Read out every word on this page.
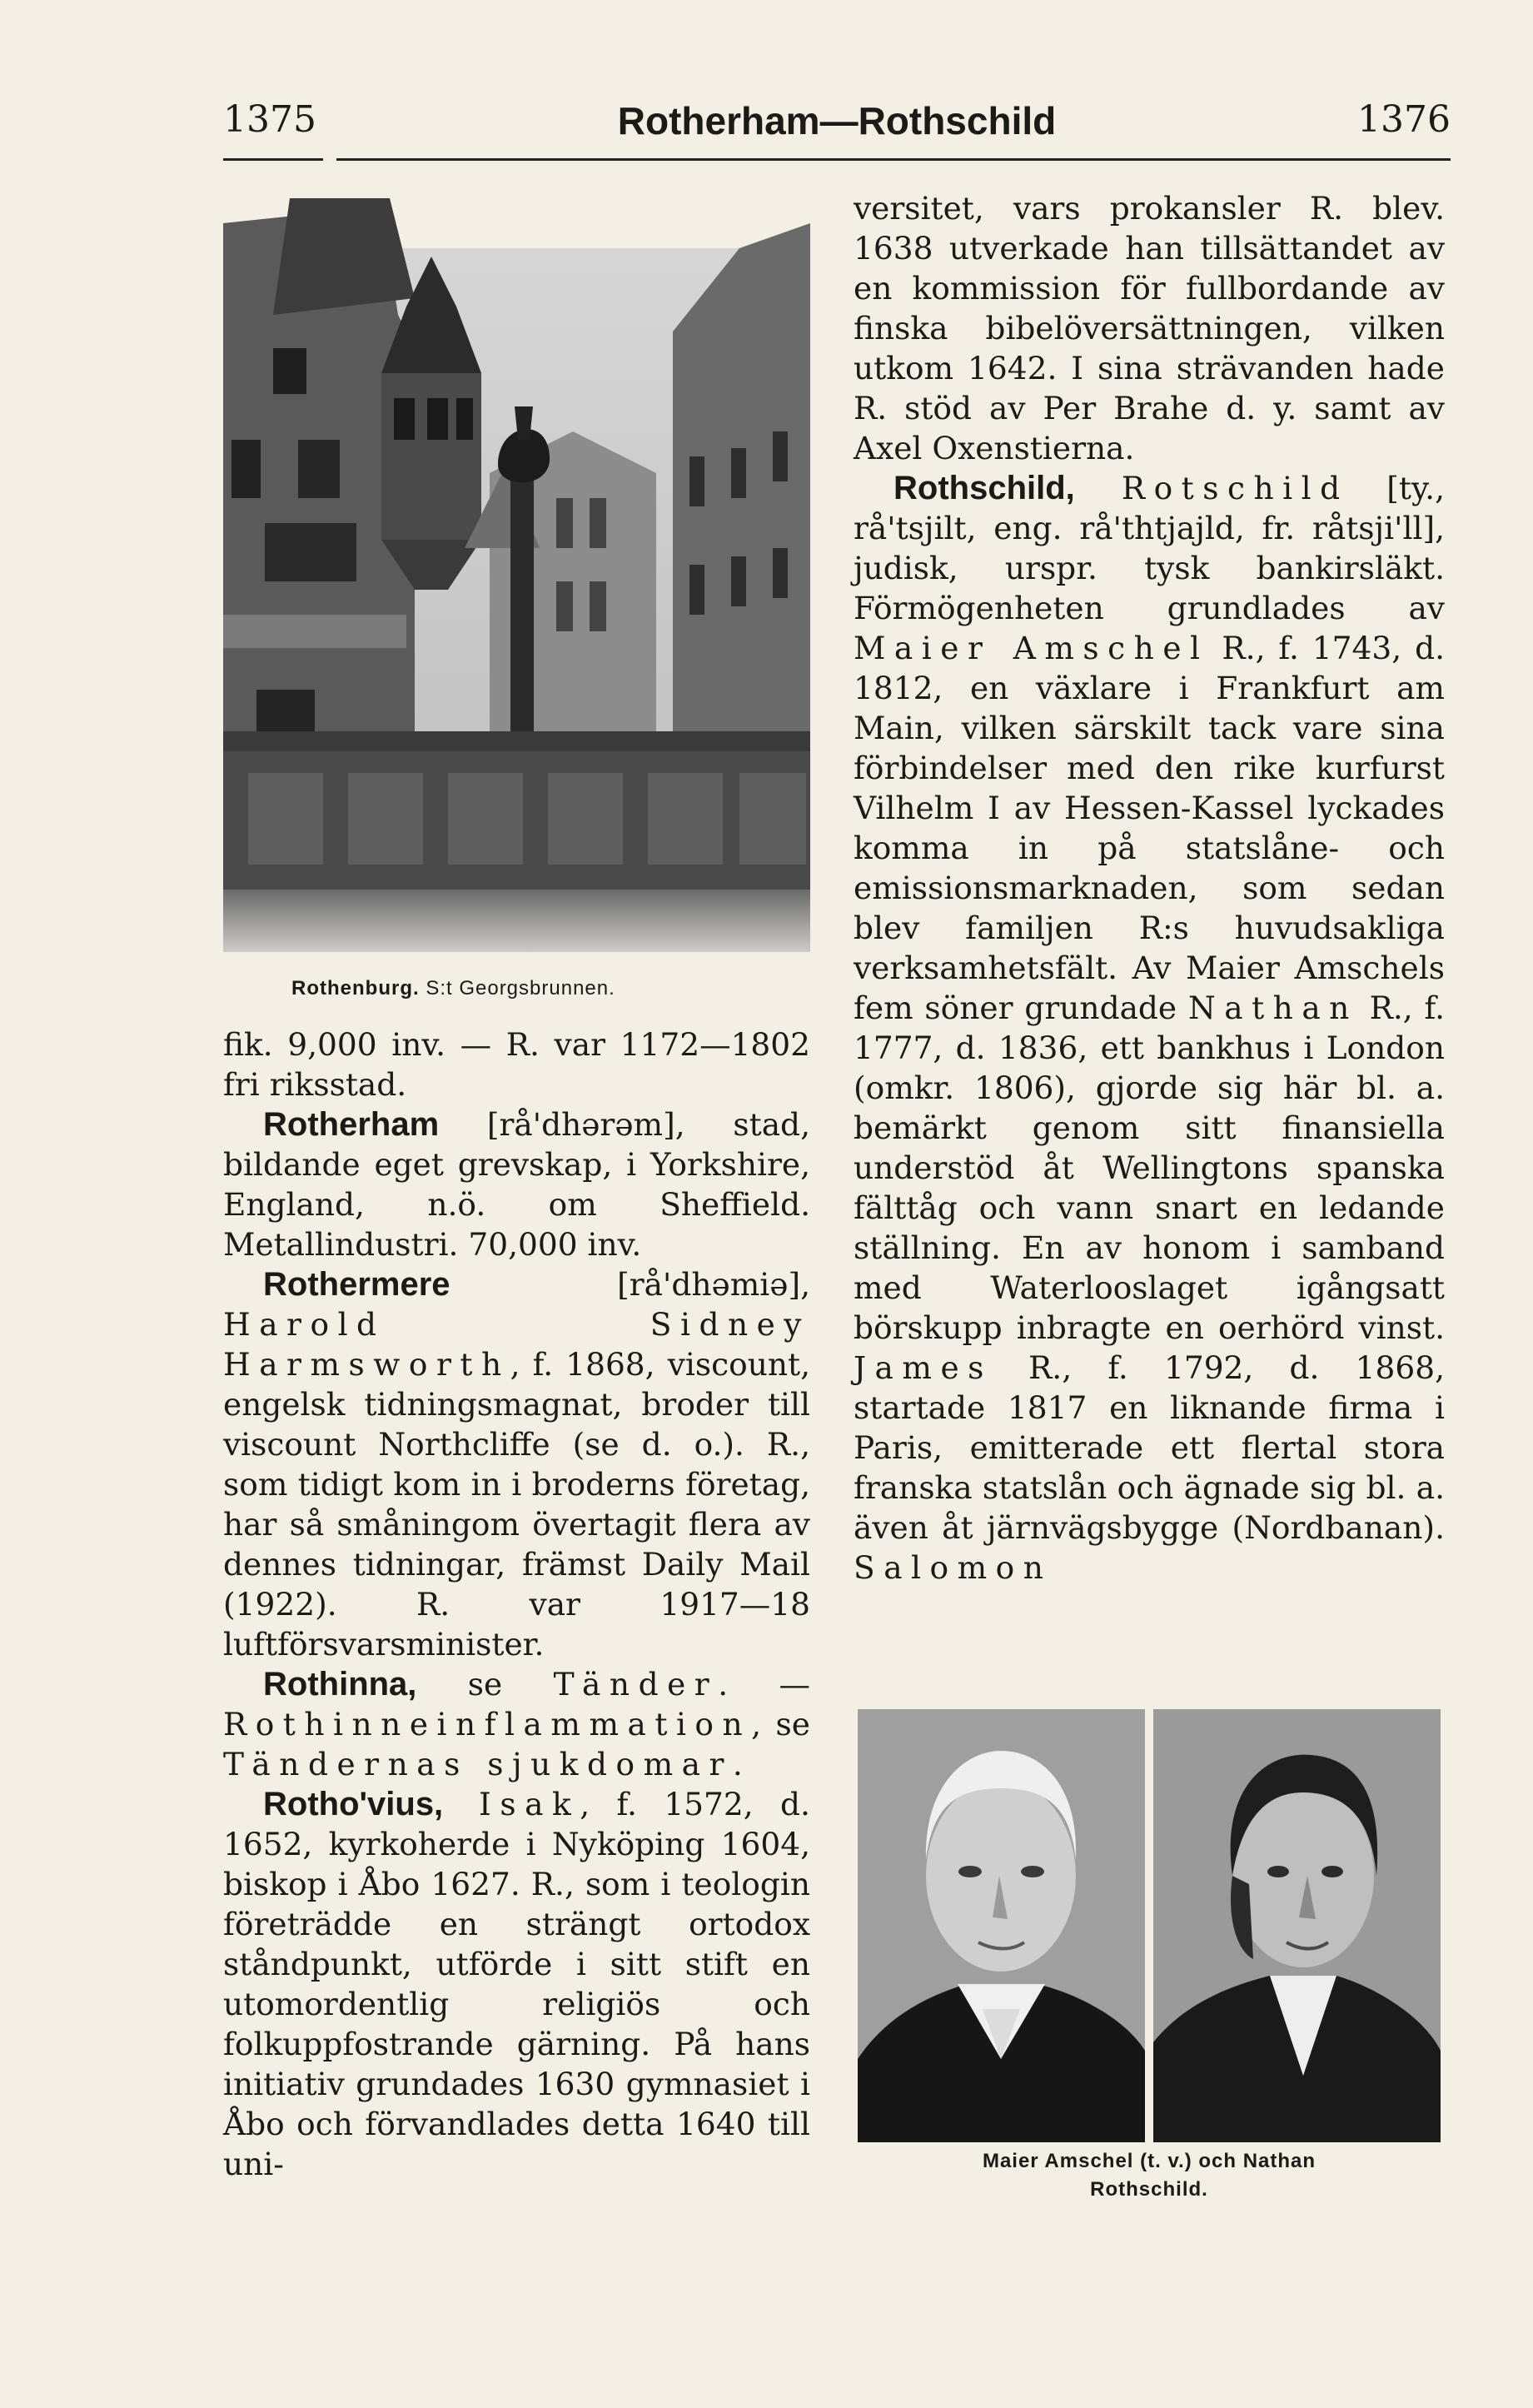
1375	Rotherham—Rothschild	1376
Rothenburg. S:t Georgsbrunnen.

fik. 9,000 inv. — R. var 1172—1802 fri riksstad.

Rotherham [rå'dhərəm], stad, bildande eget grevskap, i Yorkshire, England, n.ö. om Sheffield. Metallindustri. 70,000 inv.

Rothermere [rå'dhəmiə], Harold Sidney Harmsworth, f. 1868, viscount, engelsk tidningsmagnat, broder till viscount Northcliffe (se d. o.). R., som tidigt kom in i broderns företag, har så småningom övertagit flera av dennes tidningar, främst Daily Mail (1922). R. var 1917—18 luftförsvarsminister.

Rothinna, se Tänder. — Rothinneinflammation, se Tändernas sjukdomar.

Rotho'vius, Isak, f. 1572, d. 1652, kyrkoherde i Nyköping 1604, biskop i Åbo 1627. R., som i teologin företrädde en strängt ortodox ståndpunkt, utförde i sitt stift en utomordentlig religiös och folkuppfostrande gärning. På hans initiativ grundades 1630 gymnasiet i Åbo och förvandlades detta 1640 till uni-

versitet, vars prokansler R. blev. 1638 utverkade han tillsättandet av en kommission för fullbordande av finska bibelöversättningen, vilken utkom 1642. I sina strävanden hade R. stöd av Per Brahe d. y. samt av Axel Oxenstierna.

Rothschild, Rotschild [ty., rå'tsjilt, eng. rå'thtjajld, fr. råtsji'll], judisk, urspr. tysk bankirsläkt. Förmögenheten grundlades av Maier Amschel R., f. 1743, d. 1812, en växlare i Frankfurt am Main, vilken särskilt tack vare sina förbindelser med den rike kurfurst Vilhelm I av Hessen-Kassel lyckades komma in på statslåne- och emissionsmarknaden, som sedan blev familjen R:s huvudsakliga verksamhetsfält. Av Maier Amschels fem söner grundade Nathan R., f. 1777, d. 1836, ett bankhus i London (omkr. 1806), gjorde sig här bl. a. bemärkt genom sitt finansiella understöd åt Wellingtons spanska fälttåg och vann snart en ledande ställning. En av honom i samband med Waterlooslaget igångsatt börskupp inbragte en oerhörd vinst. James R., f. 1792, d. 1868, startade 1817 en liknande firma i Paris, emitterade ett flertal stora franska statslån och ägnade sig bl. a. även åt järnvägsbygge (Nordbanan). Salomon

Maier Amschel (t. v.) och Nathan
Rothschild.
